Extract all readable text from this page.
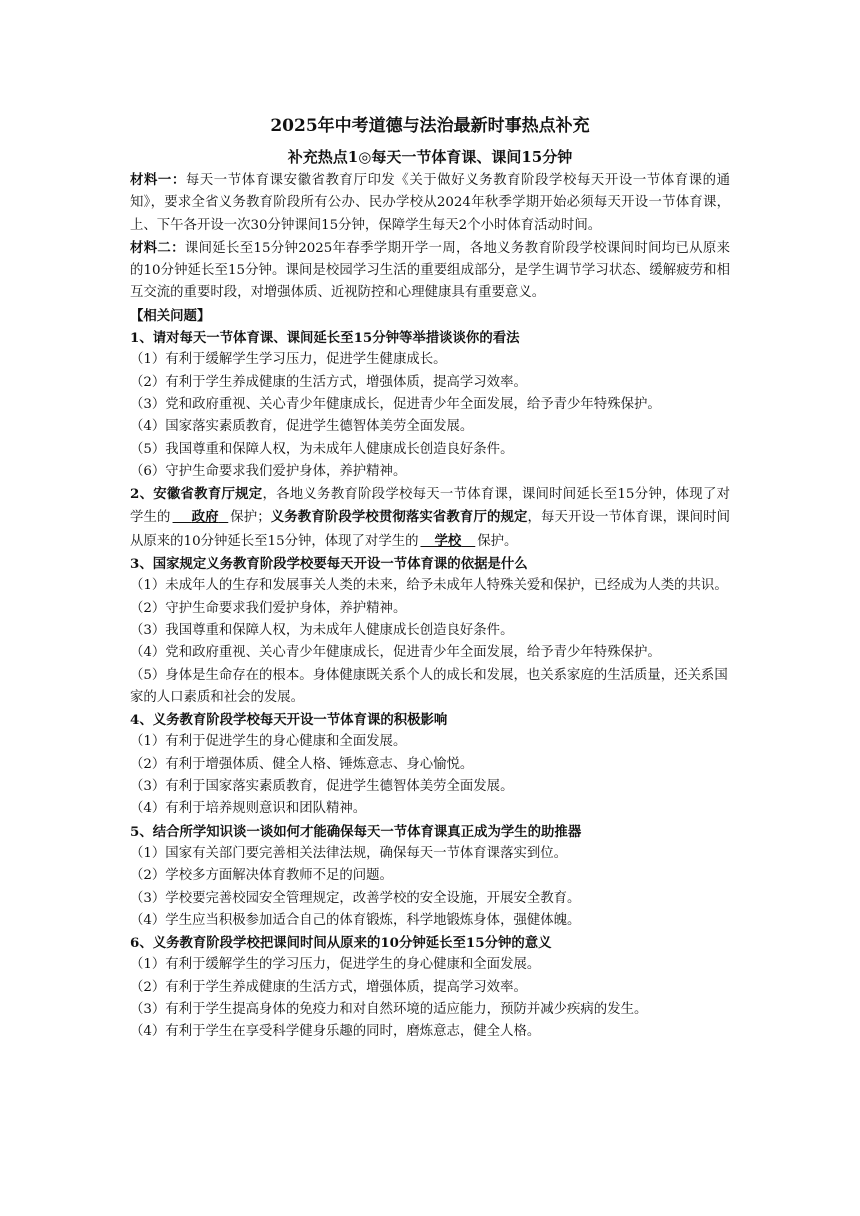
2025年中考道德与法治最新时事热点补充
补充热点1◎每天一节体育课、课间15分钟
材料一：每天一节体育课安徽省教育厅印发《关于做好义务教育阶段学校每天开设一节体育课的通知》，要求全省义务教育阶段所有公办、民办学校从2024年秋季学期开始必须每天开设一节体育课，上、下午各开设一次30分钟课间15分钟，保障学生每天2个小时体育活动时间。
材料二：课间延长至15分钟2025年春季学期开学一周，各地义务教育阶段学校课间时间均已从原来的10分钟延长至15分钟。课间是校园学习生活的重要组成部分，是学生调节学习状态、缓解疲劳和相互交流的重要时段，对增强体质、近视防控和心理健康具有重要意义。
【相关问题】
1、请对每天一节体育课、课间延长至15分钟等举措谈谈你的看法
（1）有利于缓解学生学习压力，促进学生健康成长。
（2）有利于学生养成健康的生活方式，增强体质，提高学习效率。
（3）党和政府重视、关心青少年健康成长，促进青少年全面发展，给予青少年特殊保护。
（4）国家落实素质教育，促进学生德智体美劳全面发展。
（5）我国尊重和保障人权，为未成年人健康成长创造良好条件。
（6）守护生命要求我们爱护身体，养护精神。
2、安徽省教育厅规定，各地义务教育阶段学校每天一节体育课，课间时间延长至15分钟，体现了对学生的 政府 保护；义务教育阶段学校贯彻落实省教育厅的规定，每天开设一节体育课，课间时间从原来的10分钟延长至15分钟，体现了对学生的 学校 保护。
3、国家规定义务教育阶段学校要每天开设一节体育课的依据是什么
（1）未成年人的生存和发展事关人类的未来，给予未成年人特殊关爱和保护，已经成为人类的共识。
（2）守护生命要求我们爱护身体，养护精神。
（3）我国尊重和保障人权，为未成年人健康成长创造良好条件。
（4）党和政府重视、关心青少年健康成长，促进青少年全面发展，给予青少年特殊保护。
（5）身体是生命存在的根本。身体健康既关系个人的成长和发展，也关系家庭的生活质量，还关系国家的人口素质和社会的发展。
4、义务教育阶段学校每天开设一节体育课的积极影响
（1）有利于促进学生的身心健康和全面发展。
（2）有利于增强体质、健全人格、锤炼意志、身心愉悦。
（3）有利于国家落实素质教育，促进学生德智体美劳全面发展。
（4）有利于培养规则意识和团队精神。
5、结合所学知识谈一谈如何才能确保每天一节体育课真正成为学生的助推器
（1）国家有关部门要完善相关法律法规，确保每天一节体育课落实到位。
（2）学校多方面解决体育教师不足的问题。
（3）学校要完善校园安全管理规定，改善学校的安全设施，开展安全教育。
（4）学生应当积极参加适合自己的体育锻炼，科学地锻炼身体，强健体魄。
6、义务教育阶段学校把课间时间从原来的10分钟延长至15分钟的意义
（1）有利于缓解学生的学习压力，促进学生的身心健康和全面发展。
（2）有利于学生养成健康的生活方式，增强体质，提高学习效率。
（3）有利于学生提高身体的免疫力和对自然环境的适应能力，预防并减少疾病的发生。
（4）有利于学生在享受科学健身乐趣的同时，磨炼意志，健全人格。
